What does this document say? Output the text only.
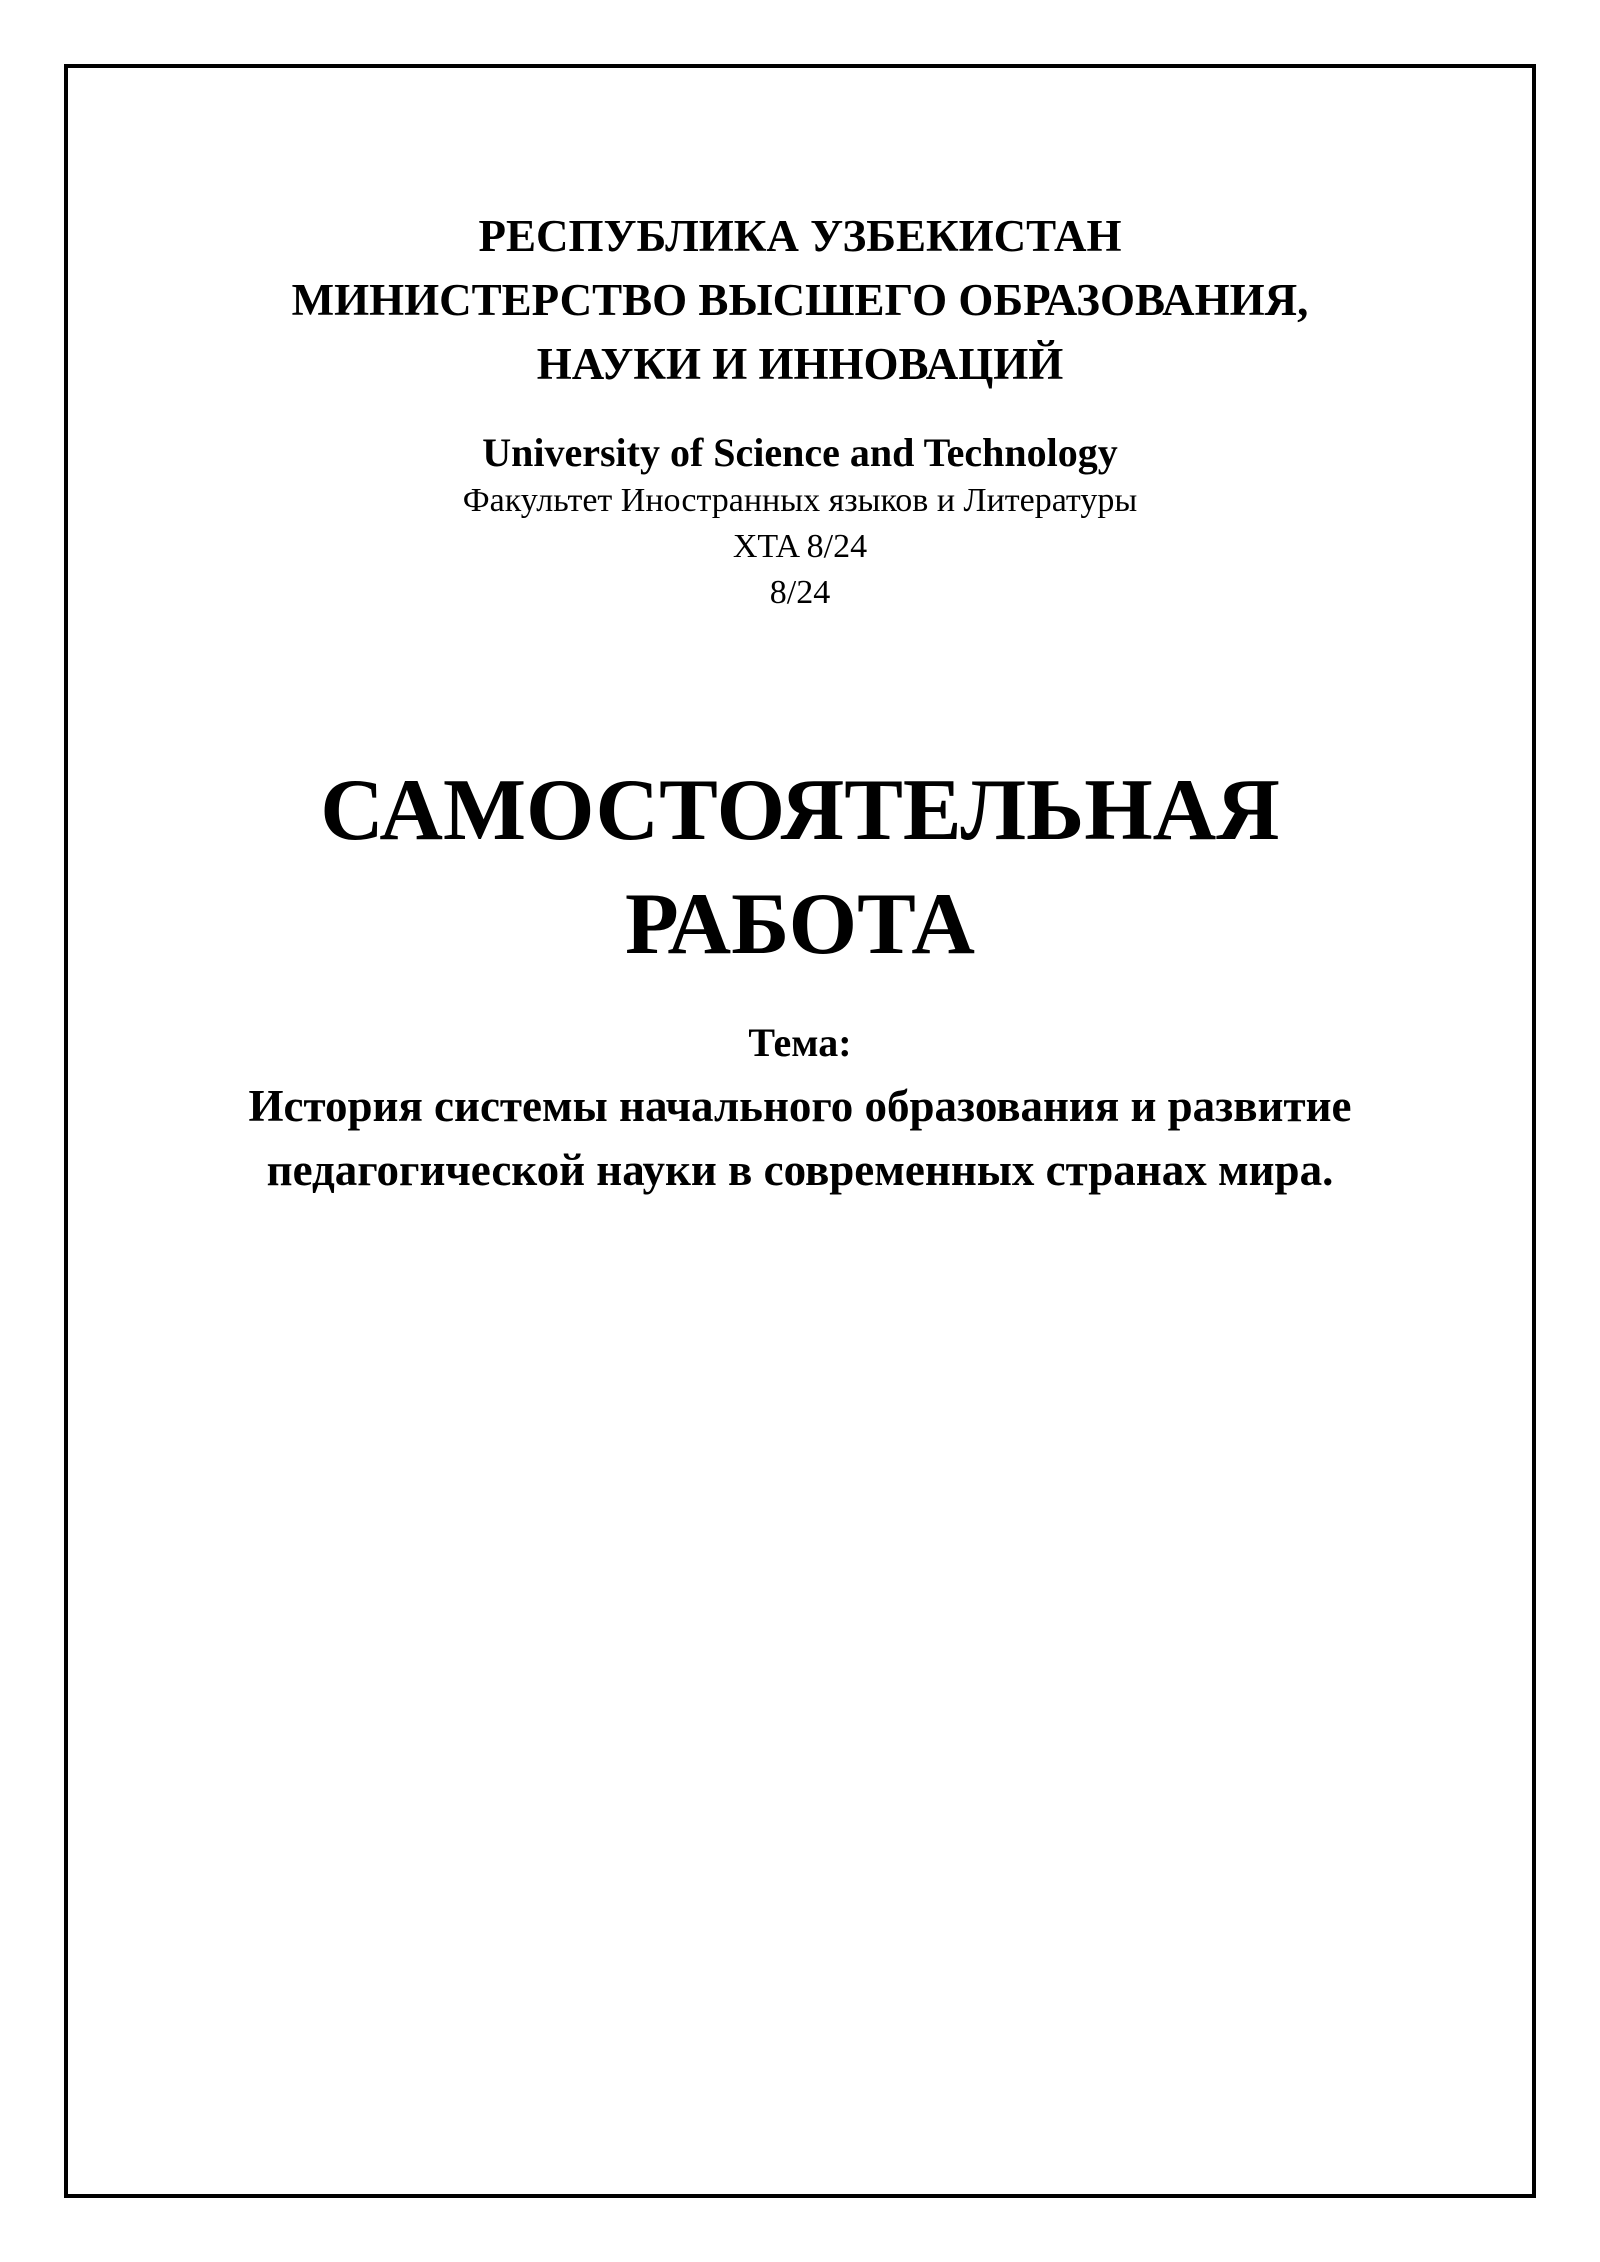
РЕСПУБЛИКА УЗБЕКИСТАН
МИНИСТЕРСТВО ВЫСШЕГО ОБРАЗОВАНИЯ,
НАУКИ И ИННОВАЦИЙ
University of Science and Technology
Факультет Иностранных языков и Литературы
XTA 8/24
8/24
САМОСТОЯТЕЛЬНАЯ
РАБОТА
Тема:
История системы начального образования и развитие
педагогической науки в современных странах мира.
